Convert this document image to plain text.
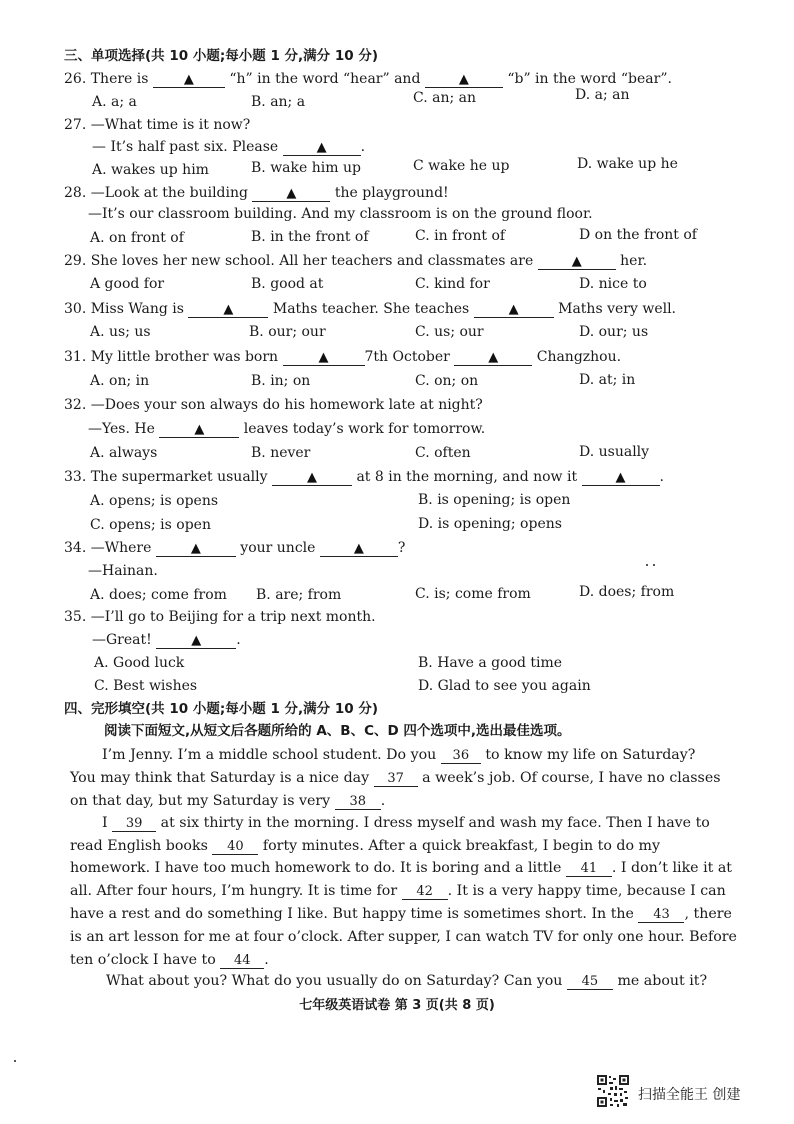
三、单项选择(共 10 小题;每小题 1 分,满分 10 分)
26. There is	▲	“h” in the word “hear” and	▲	“b” in the word “bear”.
A. a; a	B. an; a	C. an; an	D. a; an
27. —What time is it now?
— It’s half past six. Please	▲ .
A. wakes up him	B. wake him up	C wake he up	D. wake up he
28. —Look at the building	▲	the playground!
—It’s our classroom building. And my classroom is on the ground floor.
A. on front of	B. in the front of	C. in front of	D on the front of
29. She loves her new school. All her teachers and classmates are	▲	her.
A good for	B. good at	C. kind for	D. nice to
30. Miss Wang is	▲	Maths teacher. She teaches	▲	Maths very well.
A. us; us	B. our; our	C. us; our	D. our; us
31. My little brother was born	▲	7th October	▲	Changzhou.
A. on; in	B. in; on	C. on; on	D. at; in
32. —Does your son always do his homework late at night?
—Yes. He	▲	leaves today’s work for tomorrow.
A. always	B. never	C. often	D. usually
33. The supermarket usually	▲	at 8 in the morning, and now it	▲ .
A. opens; is opens	B. is opening; is open
C. opens; is open	D. is opening; opens
34. —Where	▲	your uncle	▲ ?
—Hainan.
A. does; come from B. are; from	C. is; come from	D. does; from
35. —I’ll go to Beijing for a trip next month.
—Great!	▲	.
A. Good luck	B. Have a good time
C. Best wishes	D. Glad to see you again
四、完形填空(共 10 小题;每小题 1 分,满分 10 分)
阅读下面短文,从短文后各题所给的 A、B、C、D 四个选项中,选出最佳选项。
I’m Jenny. I’m a middle school student. Do you 36 to know my life on Saturday?
You may think that Saturday is a nice day 37 a week’s job. Of course, I have no classes
on that day, but my Saturday is very 38 .
I 39 at six thirty in the morning. I dress myself and wash my face. Then I have to
read English books 40 forty minutes. After a quick breakfast, I begin to do my
homework. I have too much homework to do. It is boring and a little 41 . I don’t like it at
all. After four hours, I’m hungry. It is time for 42 . It is a very happy time, because I can
have a rest and do something I like. But happy time is sometimes short. In the 43 , there
is an art lesson for me at four o’clock. After supper, I can watch TV for only one hour. Before
ten o’clock I have to 44 .
What about you? What do you usually do on Saturday? Can you 45 me about it?
七年级英语试卷 第 3 页(共 8 页)
扫描全能王 创建
